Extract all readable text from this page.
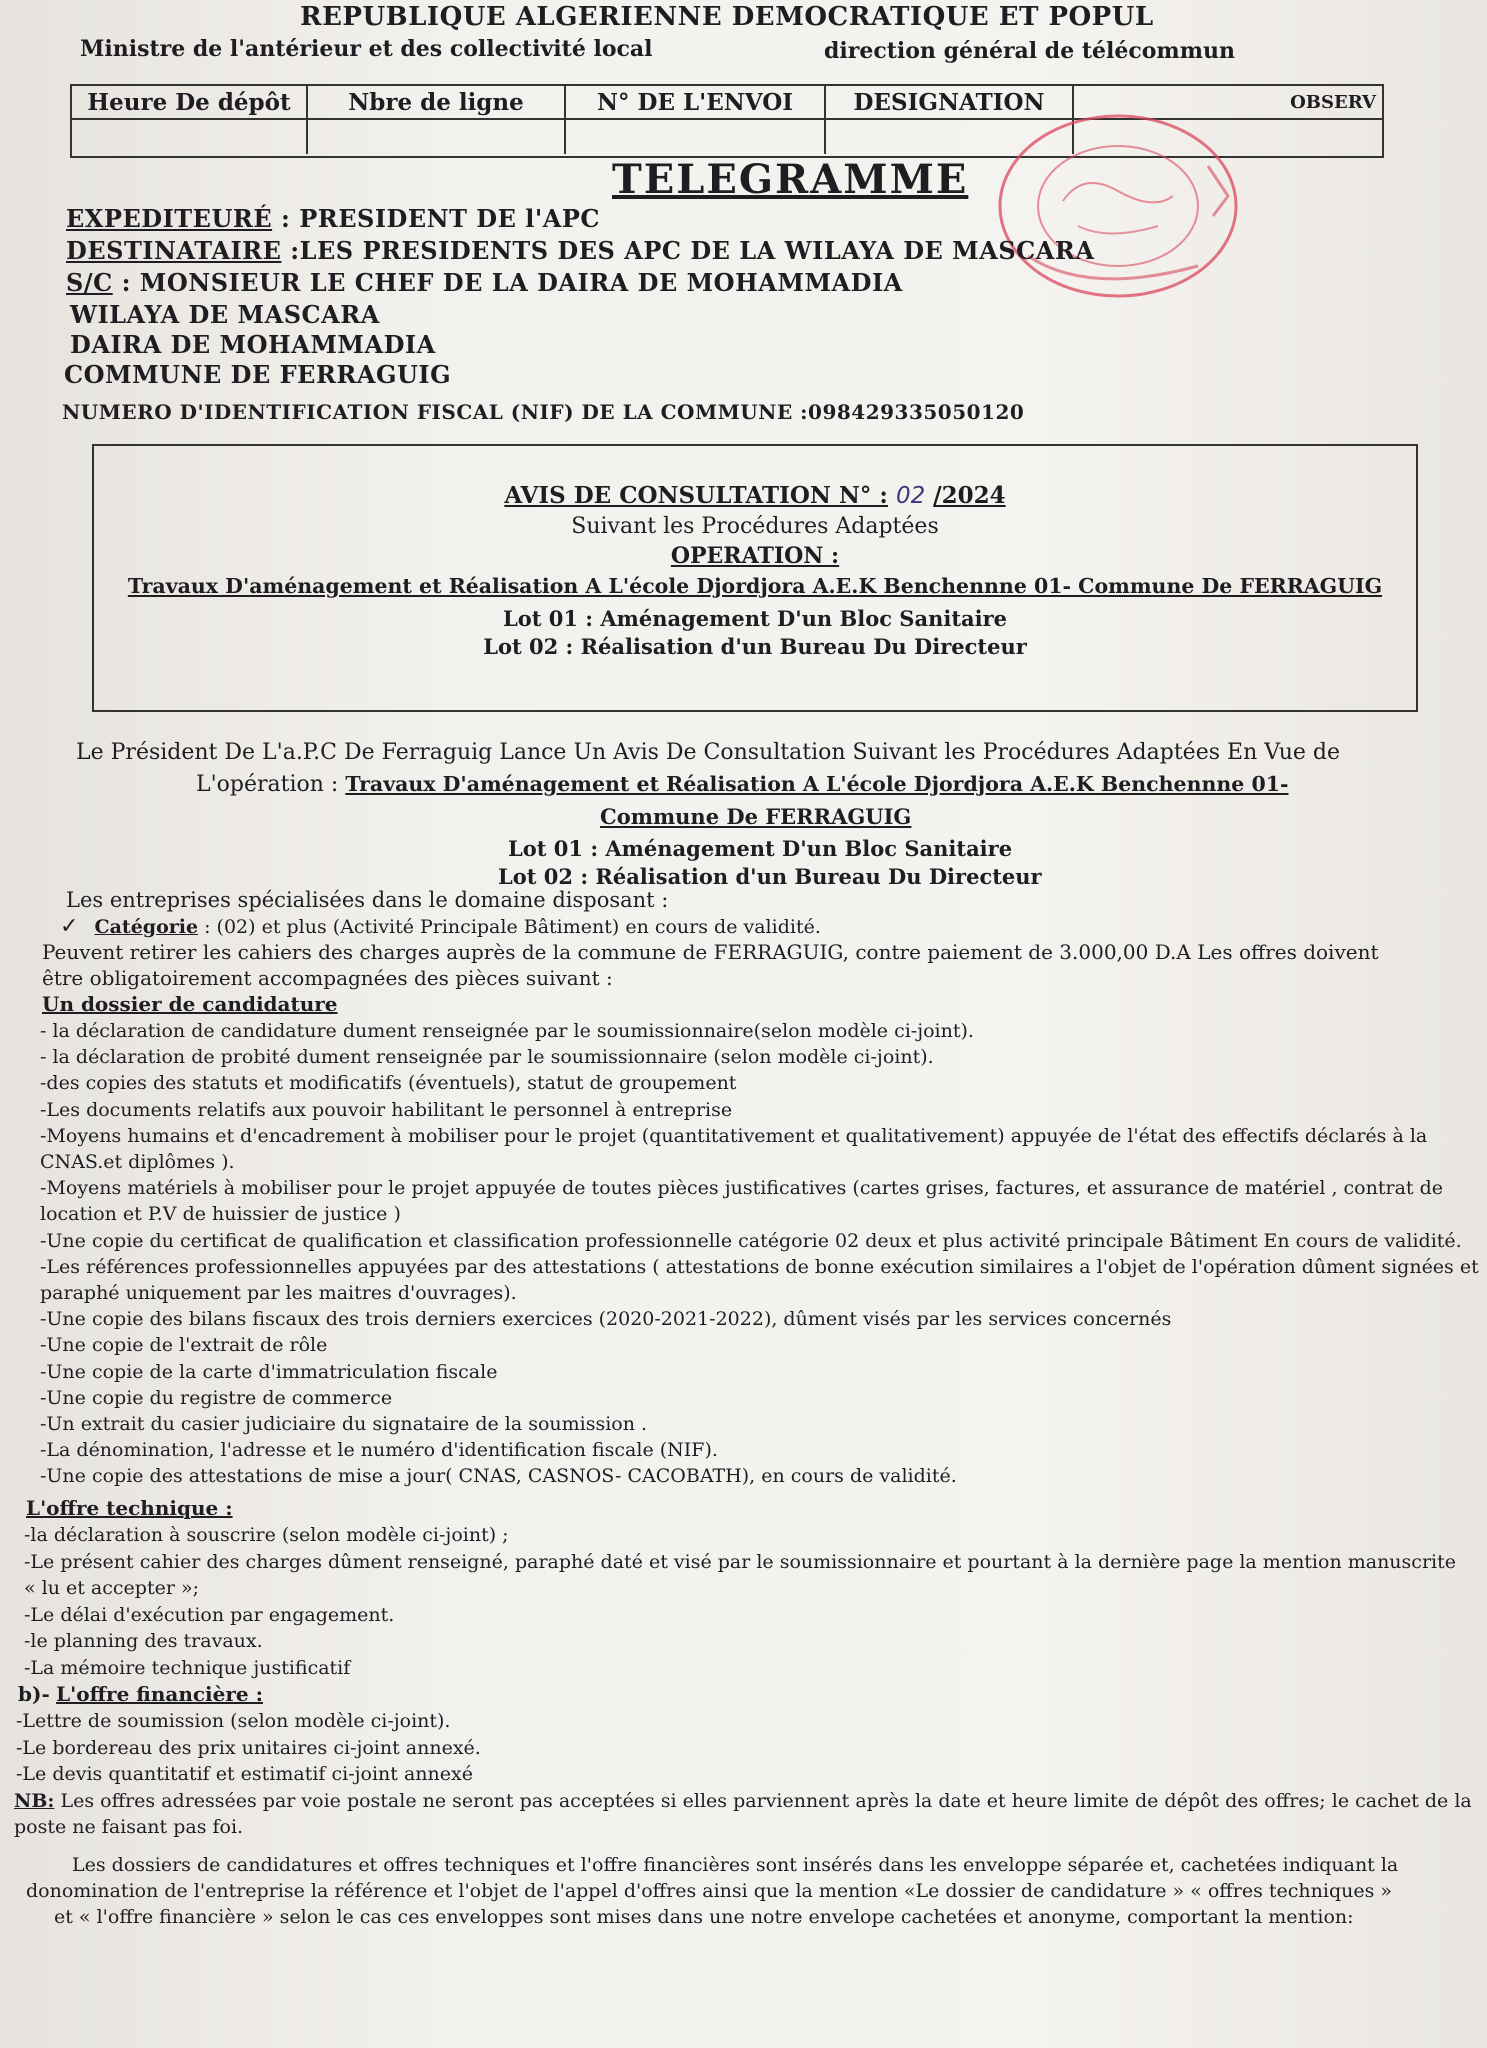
REPUBLIQUE ALGERIENNE DEMOCRATIQUE ET POPUL
Ministre de l'antérieur et des collectivité local	direction général de télécommun
Heure De dépôt	Nbre de ligne	N° DE L'ENVOI	DESIGNATION	OBSERV
TELEGRAMME
EXPEDITEURÉ : PRESIDENT DE l'APC
DESTINATAIRE :LES PRESIDENTS DES APC DE LA WILAYA DE MASCARA
S/C : MONSIEUR LE CHEF DE LA DAIRA DE MOHAMMADIA
WILAYA DE MASCARA
DAIRA DE MOHAMMADIA
COMMUNE DE FERRAGUIG
NUMERO D'IDENTIFICATION FISCAL (NIF) DE LA COMMUNE :098429335050120
AVIS DE CONSULTATION N° : 02 /2024
Suivant les Procédures Adaptées
OPERATION :
Travaux D'aménagement et Réalisation A L'école Djordjora A.E.K Benchennne 01- Commune De FERRAGUIG
Lot 01 : Aménagement D'un Bloc Sanitaire
Lot 02 : Réalisation d'un Bureau Du Directeur
Le Président De L'a.P.C De Ferraguig Lance Un Avis De Consultation Suivant les Procédures Adaptées En Vue de
L'opération : Travaux D'aménagement et Réalisation A L'école Djordjora A.E.K Benchennne 01-
Commune De FERRAGUIG
Lot 01 : Aménagement D'un Bloc Sanitaire
Lot 02 : Réalisation d'un Bureau Du Directeur
Les entreprises spécialisées dans le domaine disposant :
✓ Catégorie : (02) et plus (Activité Principale Bâtiment) en cours de validité.
Peuvent retirer les cahiers des charges auprès de la commune de FERRAGUIG, contre paiement de 3.000,00 D.A Les offres doivent
être obligatoirement accompagnées des pièces suivant :
Un dossier de candidature
- la déclaration de candidature dument renseignée par le soumissionnaire(selon modèle ci-joint).
- la déclaration de probité dument renseignée par le soumissionnaire (selon modèle ci-joint).
-des copies des statuts et modificatifs (éventuels), statut de groupement
-Les documents relatifs aux pouvoir habilitant le personnel à entreprise
-Moyens humains et d'encadrement à mobiliser pour le projet (quantitativement et qualitativement) appuyée de l'état des effectifs déclarés à la
CNAS.et diplômes ).
-Moyens matériels à mobiliser pour le projet appuyée de toutes pièces justificatives (cartes grises, factures, et assurance de matériel , contrat de
location et P.V de huissier de justice )
-Une copie du certificat de qualification et classification professionnelle catégorie 02 deux et plus activité principale Bâtiment En cours de validité.
-Les références professionnelles appuyées par des attestations ( attestations de bonne exécution similaires a l'objet de l'opération dûment signées et
paraphé uniquement par les maitres d'ouvrages).
-Une copie des bilans fiscaux des trois derniers exercices (2020-2021-2022), dûment visés par les services concernés
-Une copie de l'extrait de rôle
-Une copie de la carte d'immatriculation fiscale
-Une copie du registre de commerce
-Un extrait du casier judiciaire du signataire de la soumission .
-La dénomination, l'adresse et le numéro d'identification fiscale (NIF).
-Une copie des attestations de mise a jour( CNAS, CASNOS- CACOBATH), en cours de validité.
L'offre technique :
-la déclaration à souscrire (selon modèle ci-joint) ;
-Le présent cahier des charges dûment renseigné, paraphé daté et visé par le soumissionnaire et pourtant à la dernière page la mention manuscrite
« lu et accepter »;
-Le délai d'exécution par engagement.
-le planning des travaux.
-La mémoire technique justificatif
b)- L'offre financière :
-Lettre de soumission (selon modèle ci-joint).
-Le bordereau des prix unitaires ci-joint annexé.
-Le devis quantitatif et estimatif ci-joint annexé
NB: Les offres adressées par voie postale ne seront pas acceptées si elles parviennent après la date et heure limite de dépôt des offres; le cachet de la
poste ne faisant pas foi.
Les dossiers de candidatures et offres techniques et l'offre financières sont insérés dans les enveloppe séparée et, cachetées indiquant la
donomination de l'entreprise la référence et l'objet de l'appel d'offres ainsi que la mention «Le dossier de candidature » « offres techniques »
et « l'offre financière » selon le cas ces enveloppes sont mises dans une notre envelope cachetées et anonyme, comportant la mention:
